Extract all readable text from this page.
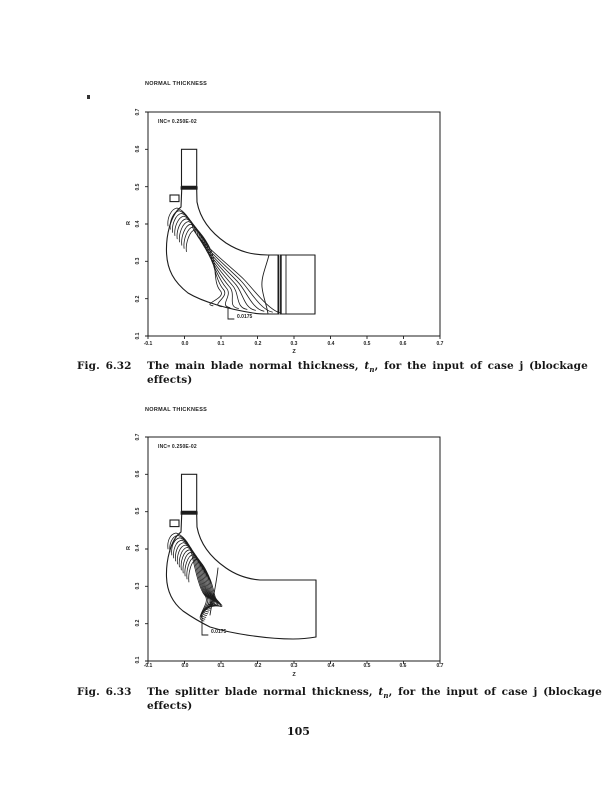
NORMAL THICKNESS
INC= 0.250E-02
-0.1	0.0	0.1	0.2	0.3	0.4	0.5	0.6	0.7
0.7
0.6
0.5
0.4
0.3
0.2
0.1
R
Z
0.0175
Fig. 6.32 The main blade normal thickness, $t_n$, for the input of case j (blockage
effects)
NORMAL THICKNESS
INC= 0.250E-02
-0.1	0.0	0.1	0.2	0.3	0.4	0.5	0.6	0.7
0.7
0.6
0.5
0.4
0.3
0.2
0.1
R
Z
0.0175
Fig. 6.33 The splitter blade normal thickness, $t_n$, for the input of case j (blockage
effects)
105
